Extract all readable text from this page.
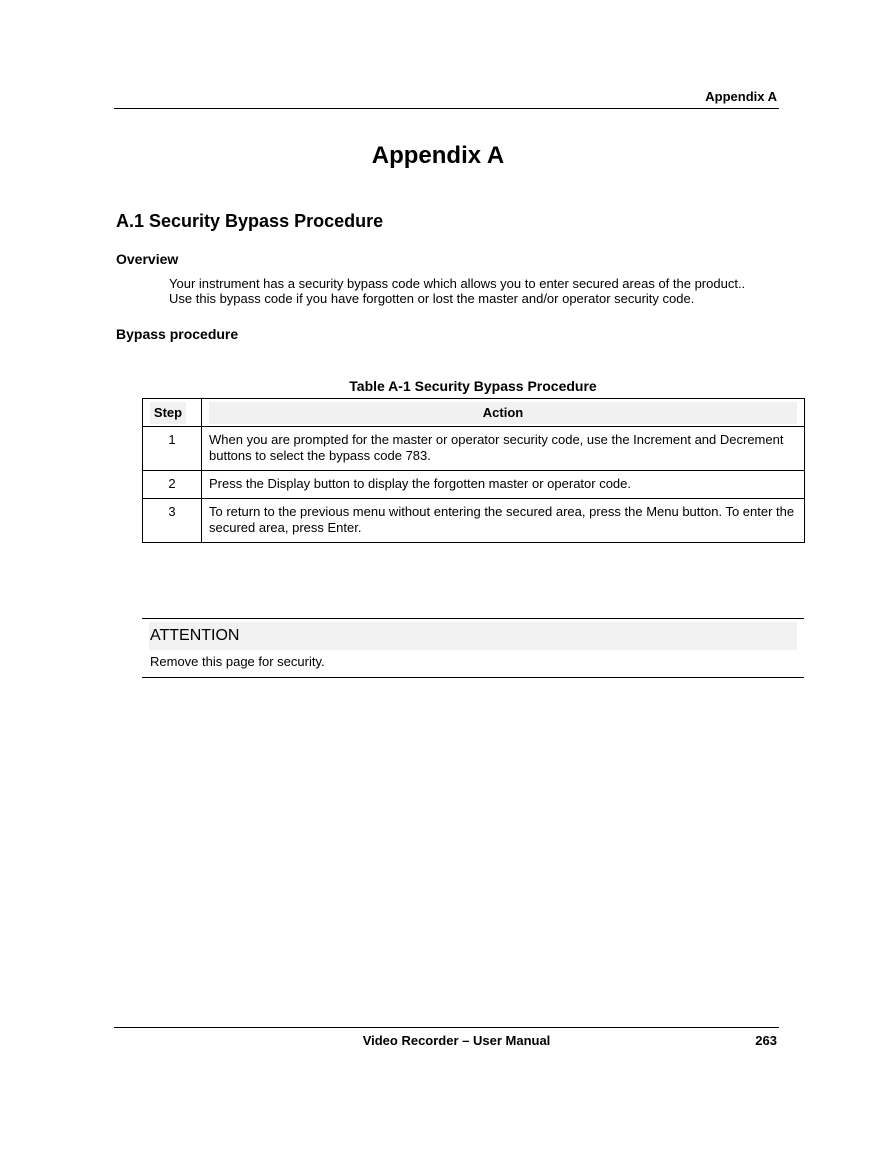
Appendix A
Appendix A
A.1 Security Bypass Procedure
Overview

Your instrument has a security bypass code which allows you to enter secured areas of the product..

Use this bypass code if you have forgotten or lost the master and/or operator security code.

Bypass procedure
Table A-1 Security Bypass Procedure
Step	Action

1	When you are prompted for the master or operator security code, use the Increment and Decrement buttons to select the bypass code 783.
2	Press the Display button to display the forgotten master or operator code.
3	To return to the previous menu without entering the secured area, press the Menu button. To enter the secured area, press Enter.
ATTENTION
Remove this page for security.
Video Recorder – User Manual	263
